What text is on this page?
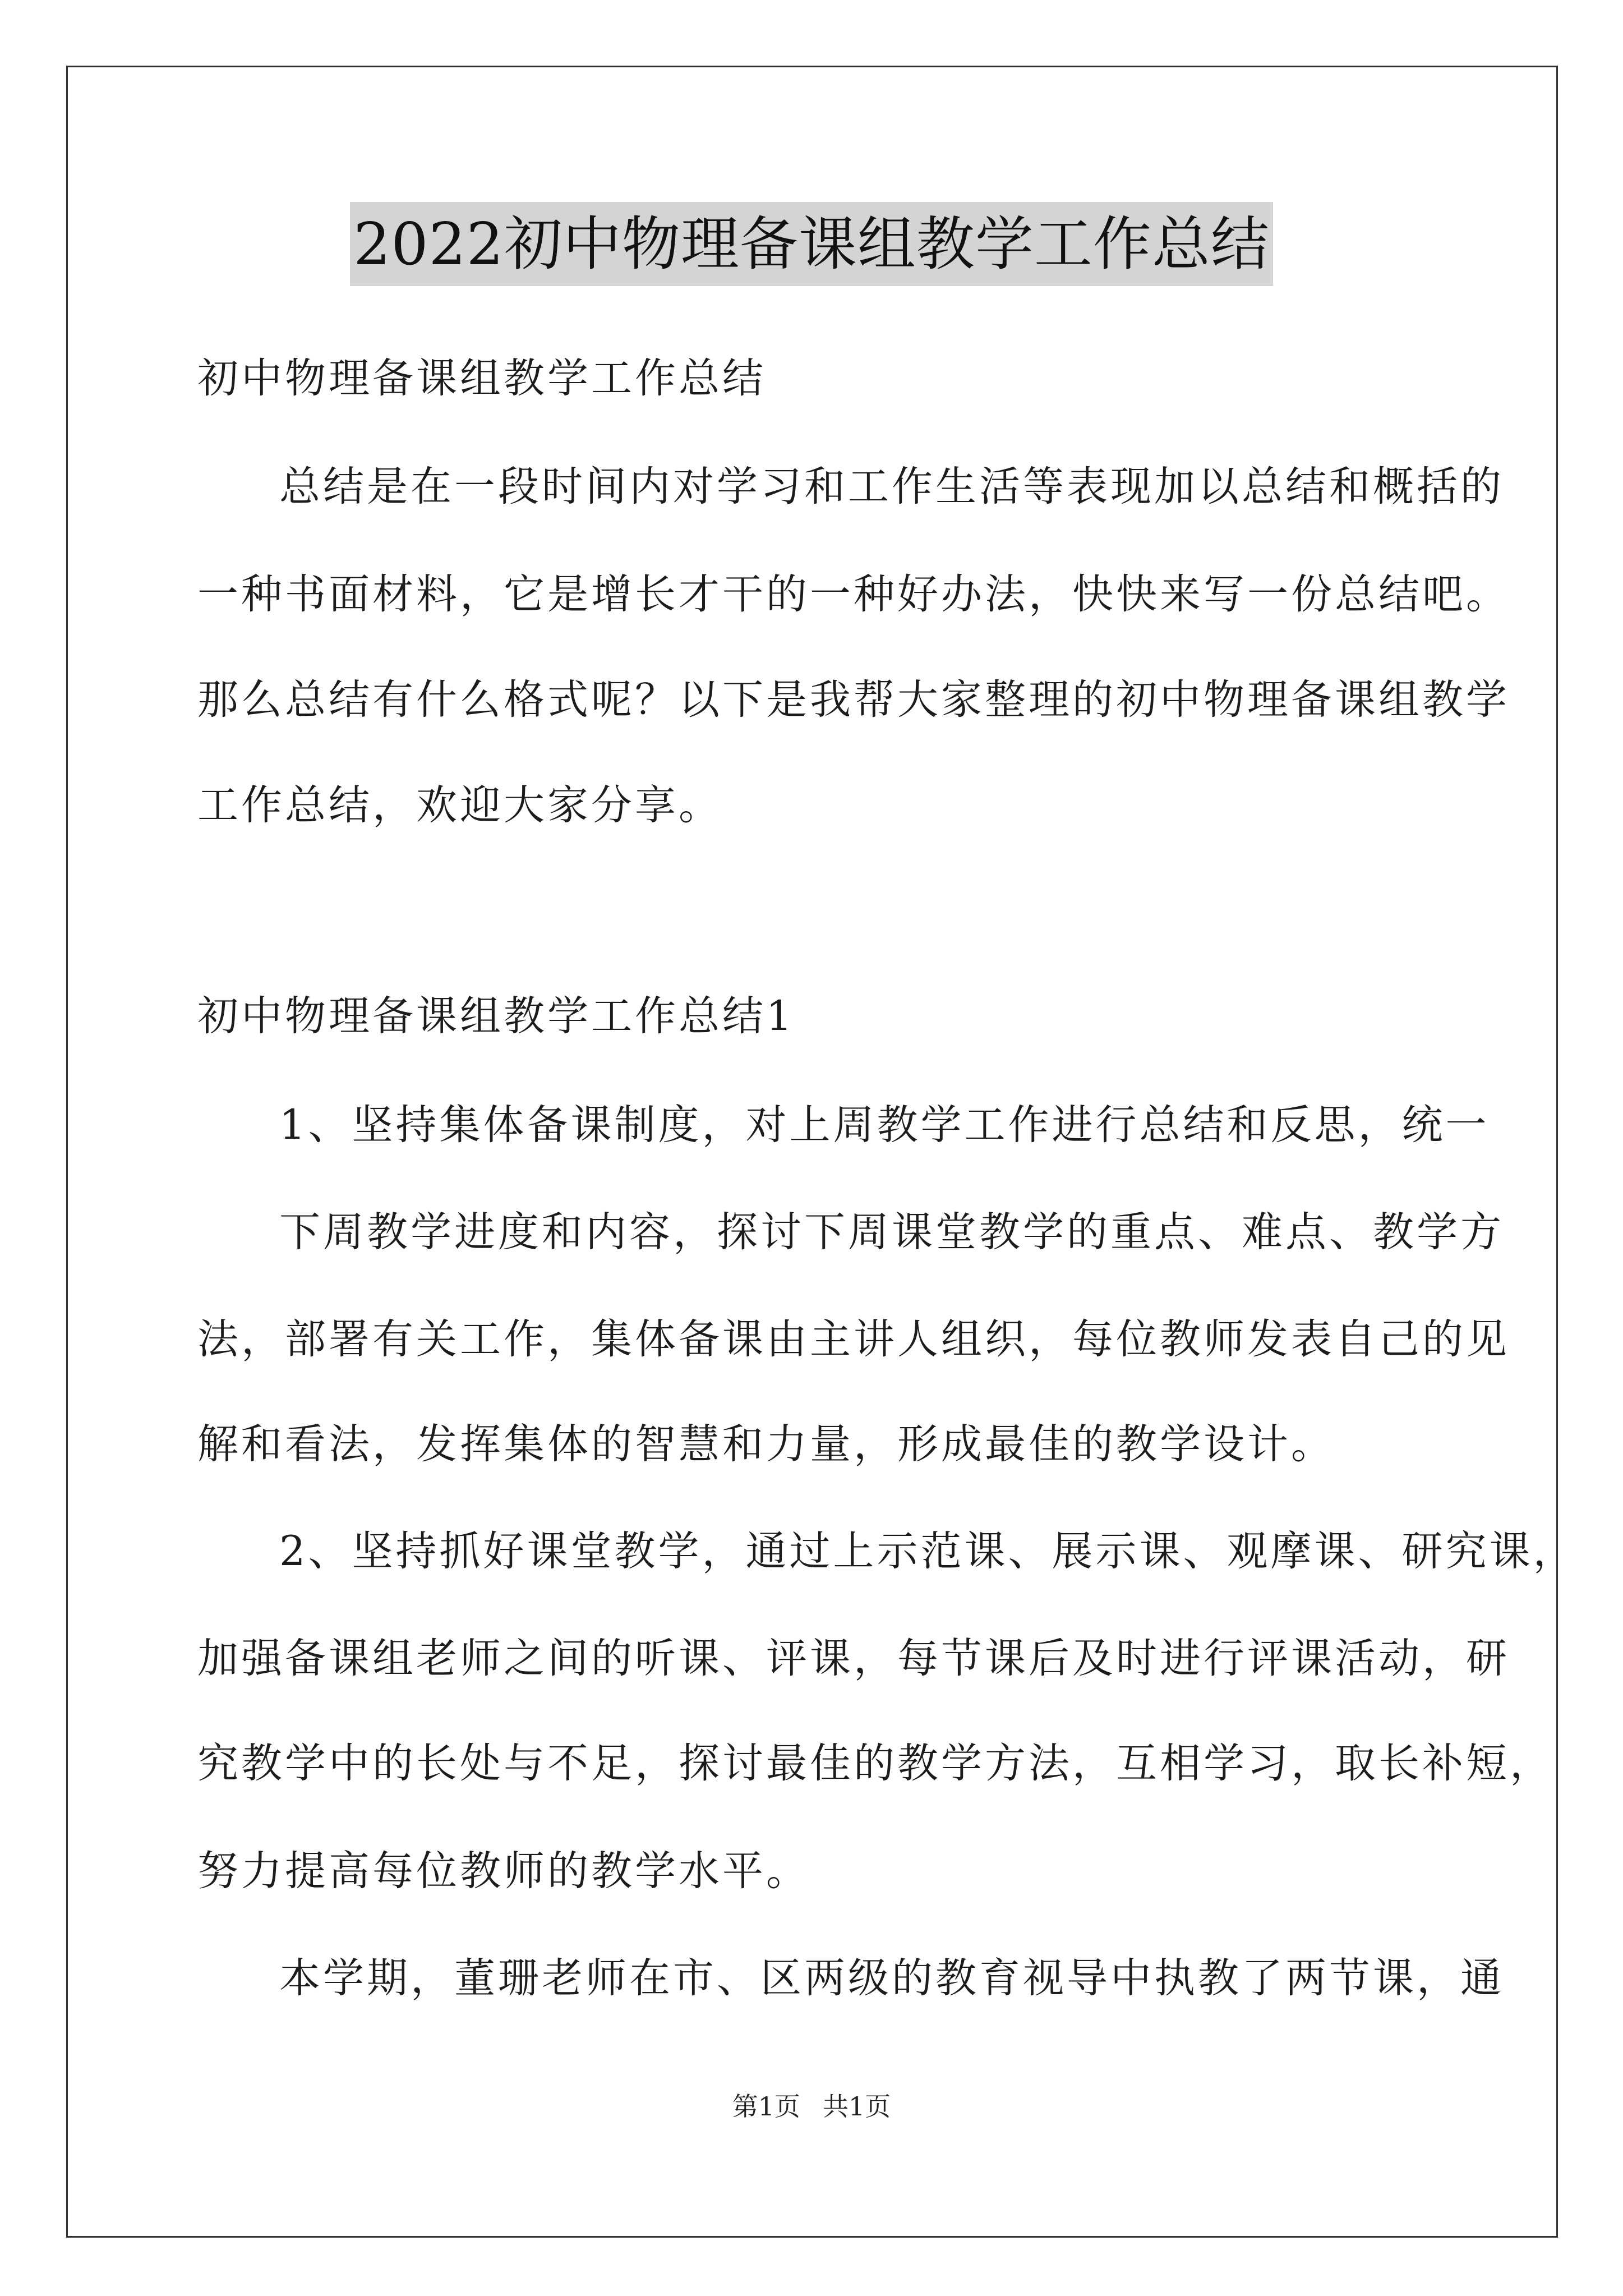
2022初中物理备课组教学工作总结
初中物理备课组教学工作总结
总结是在一段时间内对学习和工作生活等表现加以总结和概括的
一种书面材料，它是增长才干的一种好办法，快快来写一份总结吧。
那么总结有什么格式呢？以下是我帮大家整理的初中物理备课组教学
工作总结，欢迎大家分享。
初中物理备课组教学工作总结1
1、坚持集体备课制度，对上周教学工作进行总结和反思，统一
下周教学进度和内容，探讨下周课堂教学的重点、难点、教学方
法，部署有关工作，集体备课由主讲人组织，每位教师发表自己的见
解和看法，发挥集体的智慧和力量，形成最佳的教学设计。
2、坚持抓好课堂教学，通过上示范课、展示课、观摩课、研究课，
加强备课组老师之间的听课、评课，每节课后及时进行评课活动，研
究教学中的长处与不足，探讨最佳的教学方法，互相学习，取长补短，
努力提高每位教师的教学水平。
本学期，董珊老师在市、区两级的教育视导中执教了两节课，通
第1页 共1页
